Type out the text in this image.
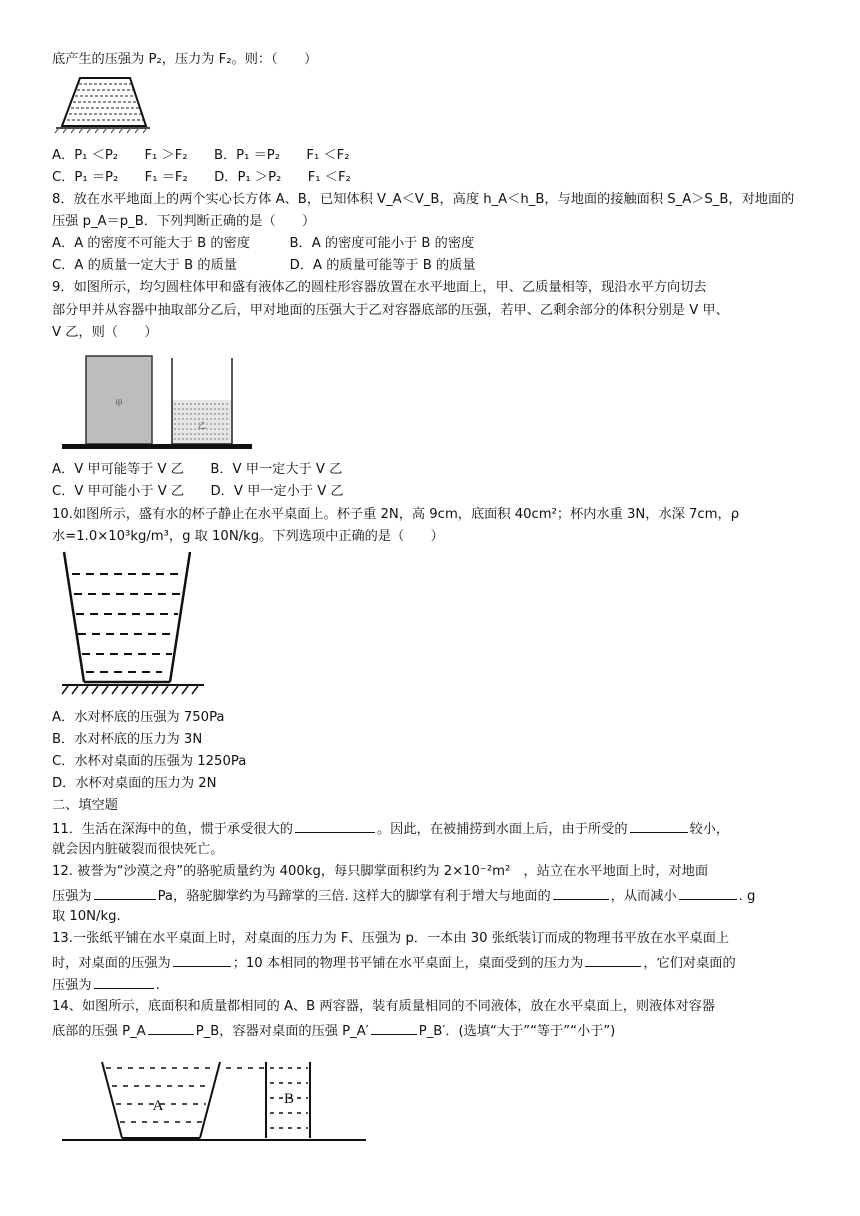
底产生的压强为 P₂，压力为 F₂。则：（　　）
A．P₁ ＜P₂　　F₁ ＞F₂　　B．P₁ ＝P₂　　F₁ ＜F₂
C．P₁ ＝P₂　　F₁ ＝F₂　　D．P₁ ＞P₂　　F₁ ＜F₂
8．放在水平地面上的两个实心长方体 A、B，已知体积 V_A＜V_B，高度 h_A＜h_B，与地面的接触面积 S_A＞S_B，对地面的
压强 p_A＝p_B．下列判断正确的是（　　）
A．A 的密度不可能大于 B 的密度　　　B．A 的密度可能小于 B 的密度
C．A 的质量一定大于 B 的质量　　　　D．A 的质量可能等于 B 的质量
9．如图所示，均匀圆柱体甲和盛有液体乙的圆柱形容器放置在水平地面上，甲、乙质量相等，现沿水平方向切去
部分甲并从容器中抽取部分乙后，甲对地面的压强大于乙对容器底部的压强，若甲、乙剩余部分的体积分别是 V 甲、
V 乙，则（　　）
甲
乙
A．V 甲可能等于 V 乙　　B．V 甲一定大于 V 乙
C．V 甲可能小于 V 乙　　D．V 甲一定小于 V 乙
10.如图所示，盛有水的杯子静止在水平桌面上。杯子重 2N，高 9cm，底面积 40cm²；杯内水重 3N，水深 7cm，ρ
水=1.0×10³kg/m³，g 取 10N/kg。下列选项中正确的是（　　）
A．水对杯底的压强为 750Pa
B．水对杯底的压力为 3N
C．水杯对桌面的压强为 1250Pa
D．水杯对桌面的压力为 2N
二、填空题
11．生活在深海中的鱼，惯于承受很大的	。因此，在被捕捞到水面上后，由于所受的	较小，
就会因内脏破裂而很快死亡。
12. 被誉为“沙漠之舟”的骆驼质量约为 400kg，每只脚掌面积约为 2×10⁻²m²　，站立在水平地面上时，对地面
压强为	Pa，骆驼脚掌约为马蹄掌的三倍. 这样大的脚掌有利于增大与地面的	，从而减小	. g
取 10N/kg.
13.一张纸平铺在水平桌面上时，对桌面的压力为 F、压强为 p．一本由 30 张纸装订而成的物理书平放在水平桌面上
时，对桌面的压强为	；10 本相同的物理书平铺在水平桌面上，桌面受到的压力为	，它们对桌面的
压强为	.
14、如图所示，底面积和质量都相同的 A、B 两容器，装有质量相同的不同液体，放在水平桌面上，则液体对容器
底部的压强 P_A	P_B，容器对桌面的压强 P_A′	P_B′．(选填“大于”“等于”“小于”)
A	B
